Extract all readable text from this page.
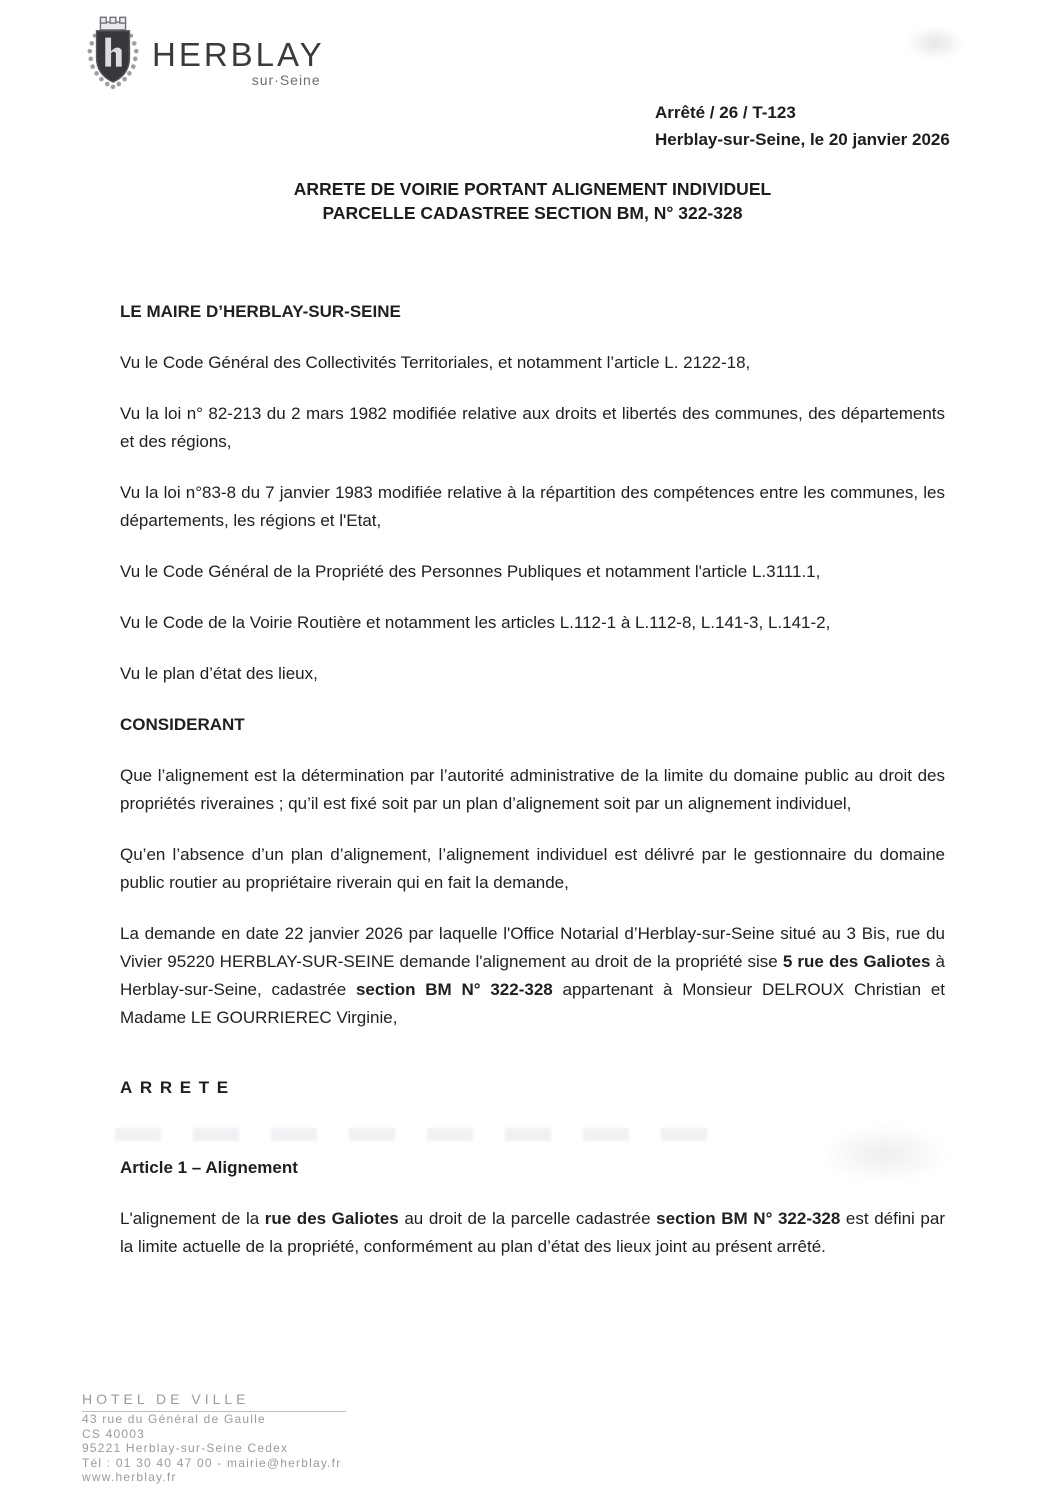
HERBLAY
sur·Seine
Arrêté / 26 / T-123
Herblay-sur-Seine, le 20 janvier 2026
ARRETE DE VOIRIE PORTANT ALIGNEMENT INDIVIDUEL
PARCELLE CADASTREE SECTION BM, N° 322-328

LE MAIRE D’HERBLAY-SUR-SEINE

Vu le Code Général des Collectivités Territoriales, et notamment l’article L. 2122-18,

Vu la loi n° 82-213 du 2 mars 1982 modifiée relative aux droits et libertés des communes, des départements et des régions,

Vu la loi n°83-8 du 7 janvier 1983 modifiée relative à la répartition des compétences entre les communes, les départements, les régions et l'Etat,

Vu le Code Général de la Propriété des Personnes Publiques et notamment l'article L.3111.1,

Vu le Code de la Voirie Routière et notamment les articles L.112-1 à L.112-8, L.141-3, L.141-2,

Vu le plan d’état des lieux,

CONSIDERANT

Que l’alignement est la détermination par l’autorité administrative de la limite du domaine public au droit des propriétés riveraines ; qu’il est fixé soit par un plan d’alignement soit par un alignement individuel,

Qu’en l’absence d’un plan d’alignement, l’alignement individuel est délivré par le gestionnaire du domaine public routier au propriétaire riverain qui en fait la demande,

La demande en date 22 janvier 2026 par laquelle l'Office Notarial d’Herblay-sur-Seine situé au 3 Bis, rue du Vivier 95220 HERBLAY-SUR-SEINE demande l'alignement au droit de la propriété sise 5 rue des Galiotes à Herblay-sur-Seine, cadastrée section BM N° 322-328 appartenant à Monsieur DELROUX Christian et Madame LE GOURRIEREC Virginie,

ARRETE

Article 1 – Alignement

L'alignement de la rue des Galiotes au droit de la parcelle cadastrée section BM N° 322-328 est défini par la limite actuelle de la propriété, conformément au plan d’état des lieux joint au présent arrêté.

HOTEL DE VILLE
43 rue du Général de Gaulle
CS 40003
95221 Herblay-sur-Seine Cedex
Tél : 01 30 40 47 00 - mairie@herblay.fr
www.herblay.fr
